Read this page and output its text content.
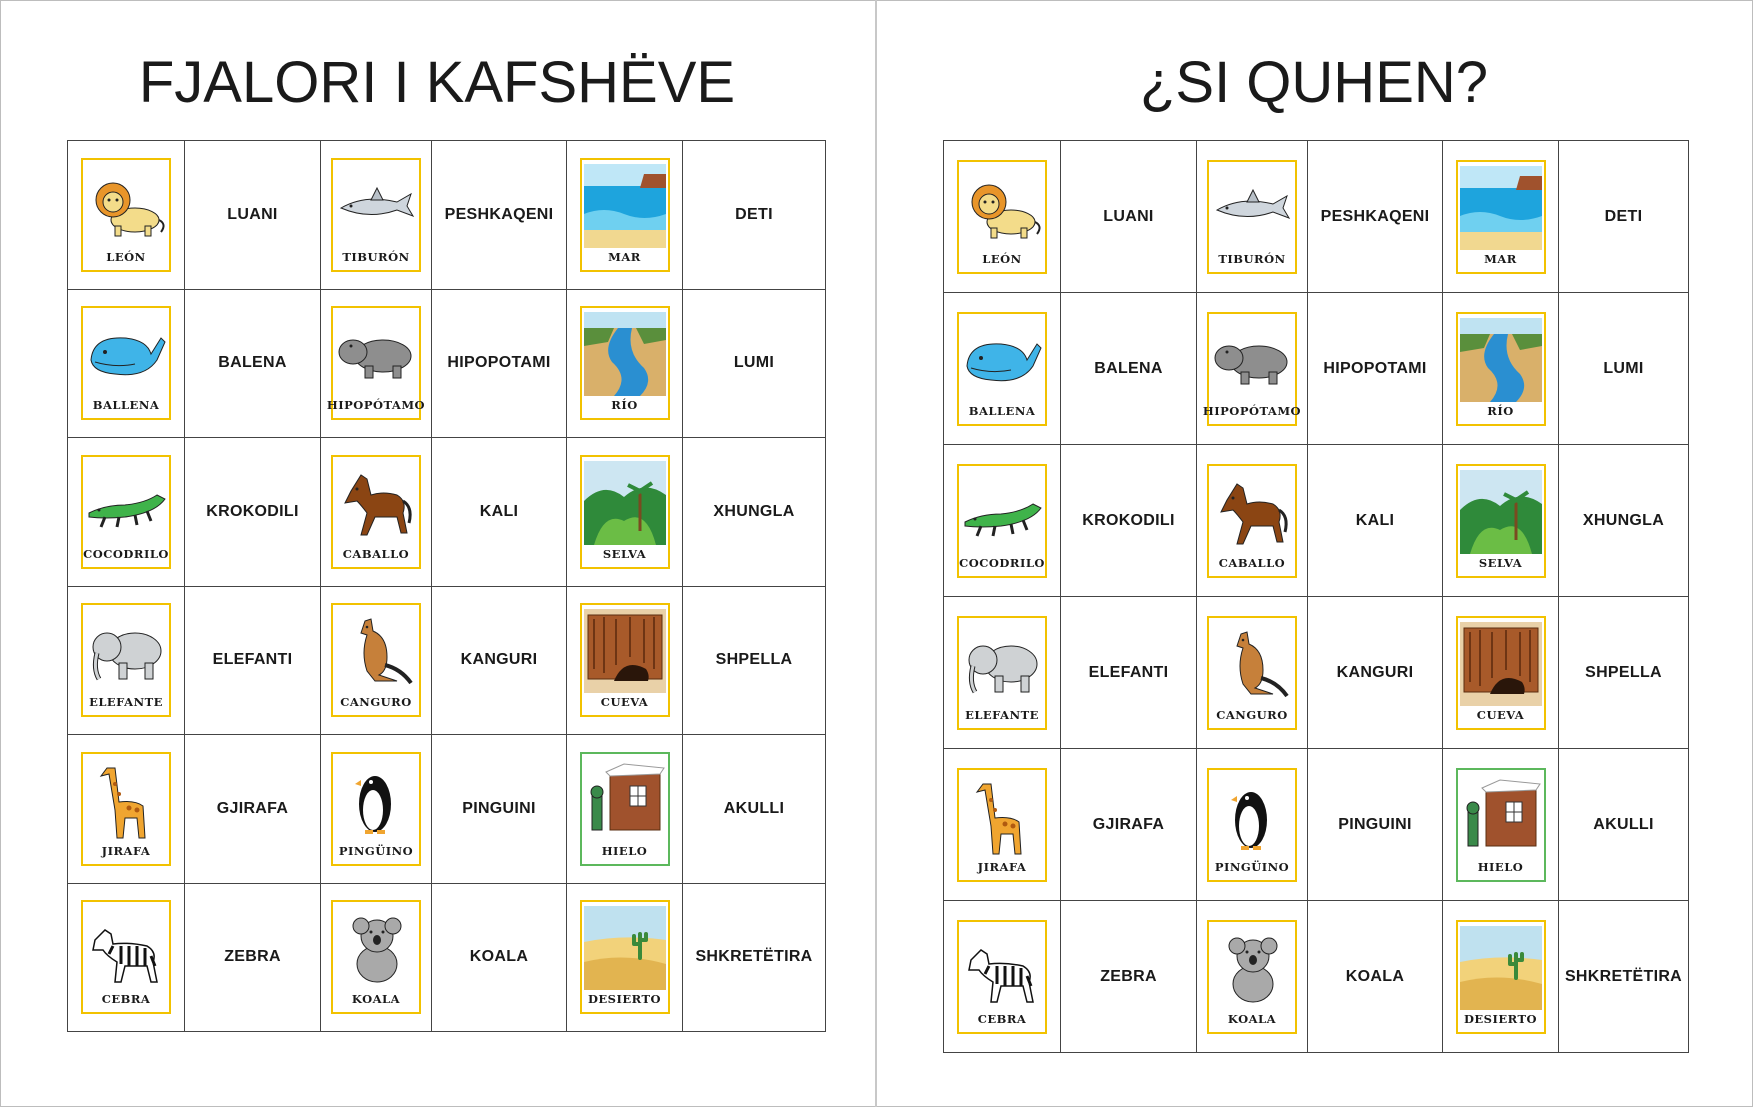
FJALORI I KAFSHËVE	¿SI QUHEN?
LEÓN	LUANI	TIBURÓN	PESHKAQENI	MAR	DETI

BALLENA	BALENA	HIPOPÓTAMO	HIPOPOTAMI	RÍO	LUMI

COCODRILO	KROKODILI	CABALLO	KALI	SELVA	XHUNGLA

ELEFANTE	ELEFANTI	CANGURO	KANGURI	CUEVA	SHPELLA

JIRAFA	GJIRAFA	PINGÜINO	PINGUINI	HIELO	AKULLI

CEBRA	ZEBRA	KOALA	KOALA	DESIERTO	SHKRETËTIRA
LEÓN	LUANI	TIBURÓN	PESHKAQENI	MAR	DETI

BALLENA	BALENA	HIPOPÓTAMO	HIPOPOTAMI	RÍO	LUMI

COCODRILO	KROKODILI	CABALLO	KALI	SELVA	XHUNGLA

ELEFANTE	ELEFANTI	CANGURO	KANGURI	CUEVA	SHPELLA

JIRAFA	GJIRAFA	PINGÜINO	PINGUINI	HIELO	AKULLI

CEBRA	ZEBRA	KOALA	KOALA	DESIERTO	SHKRETËTIRA
